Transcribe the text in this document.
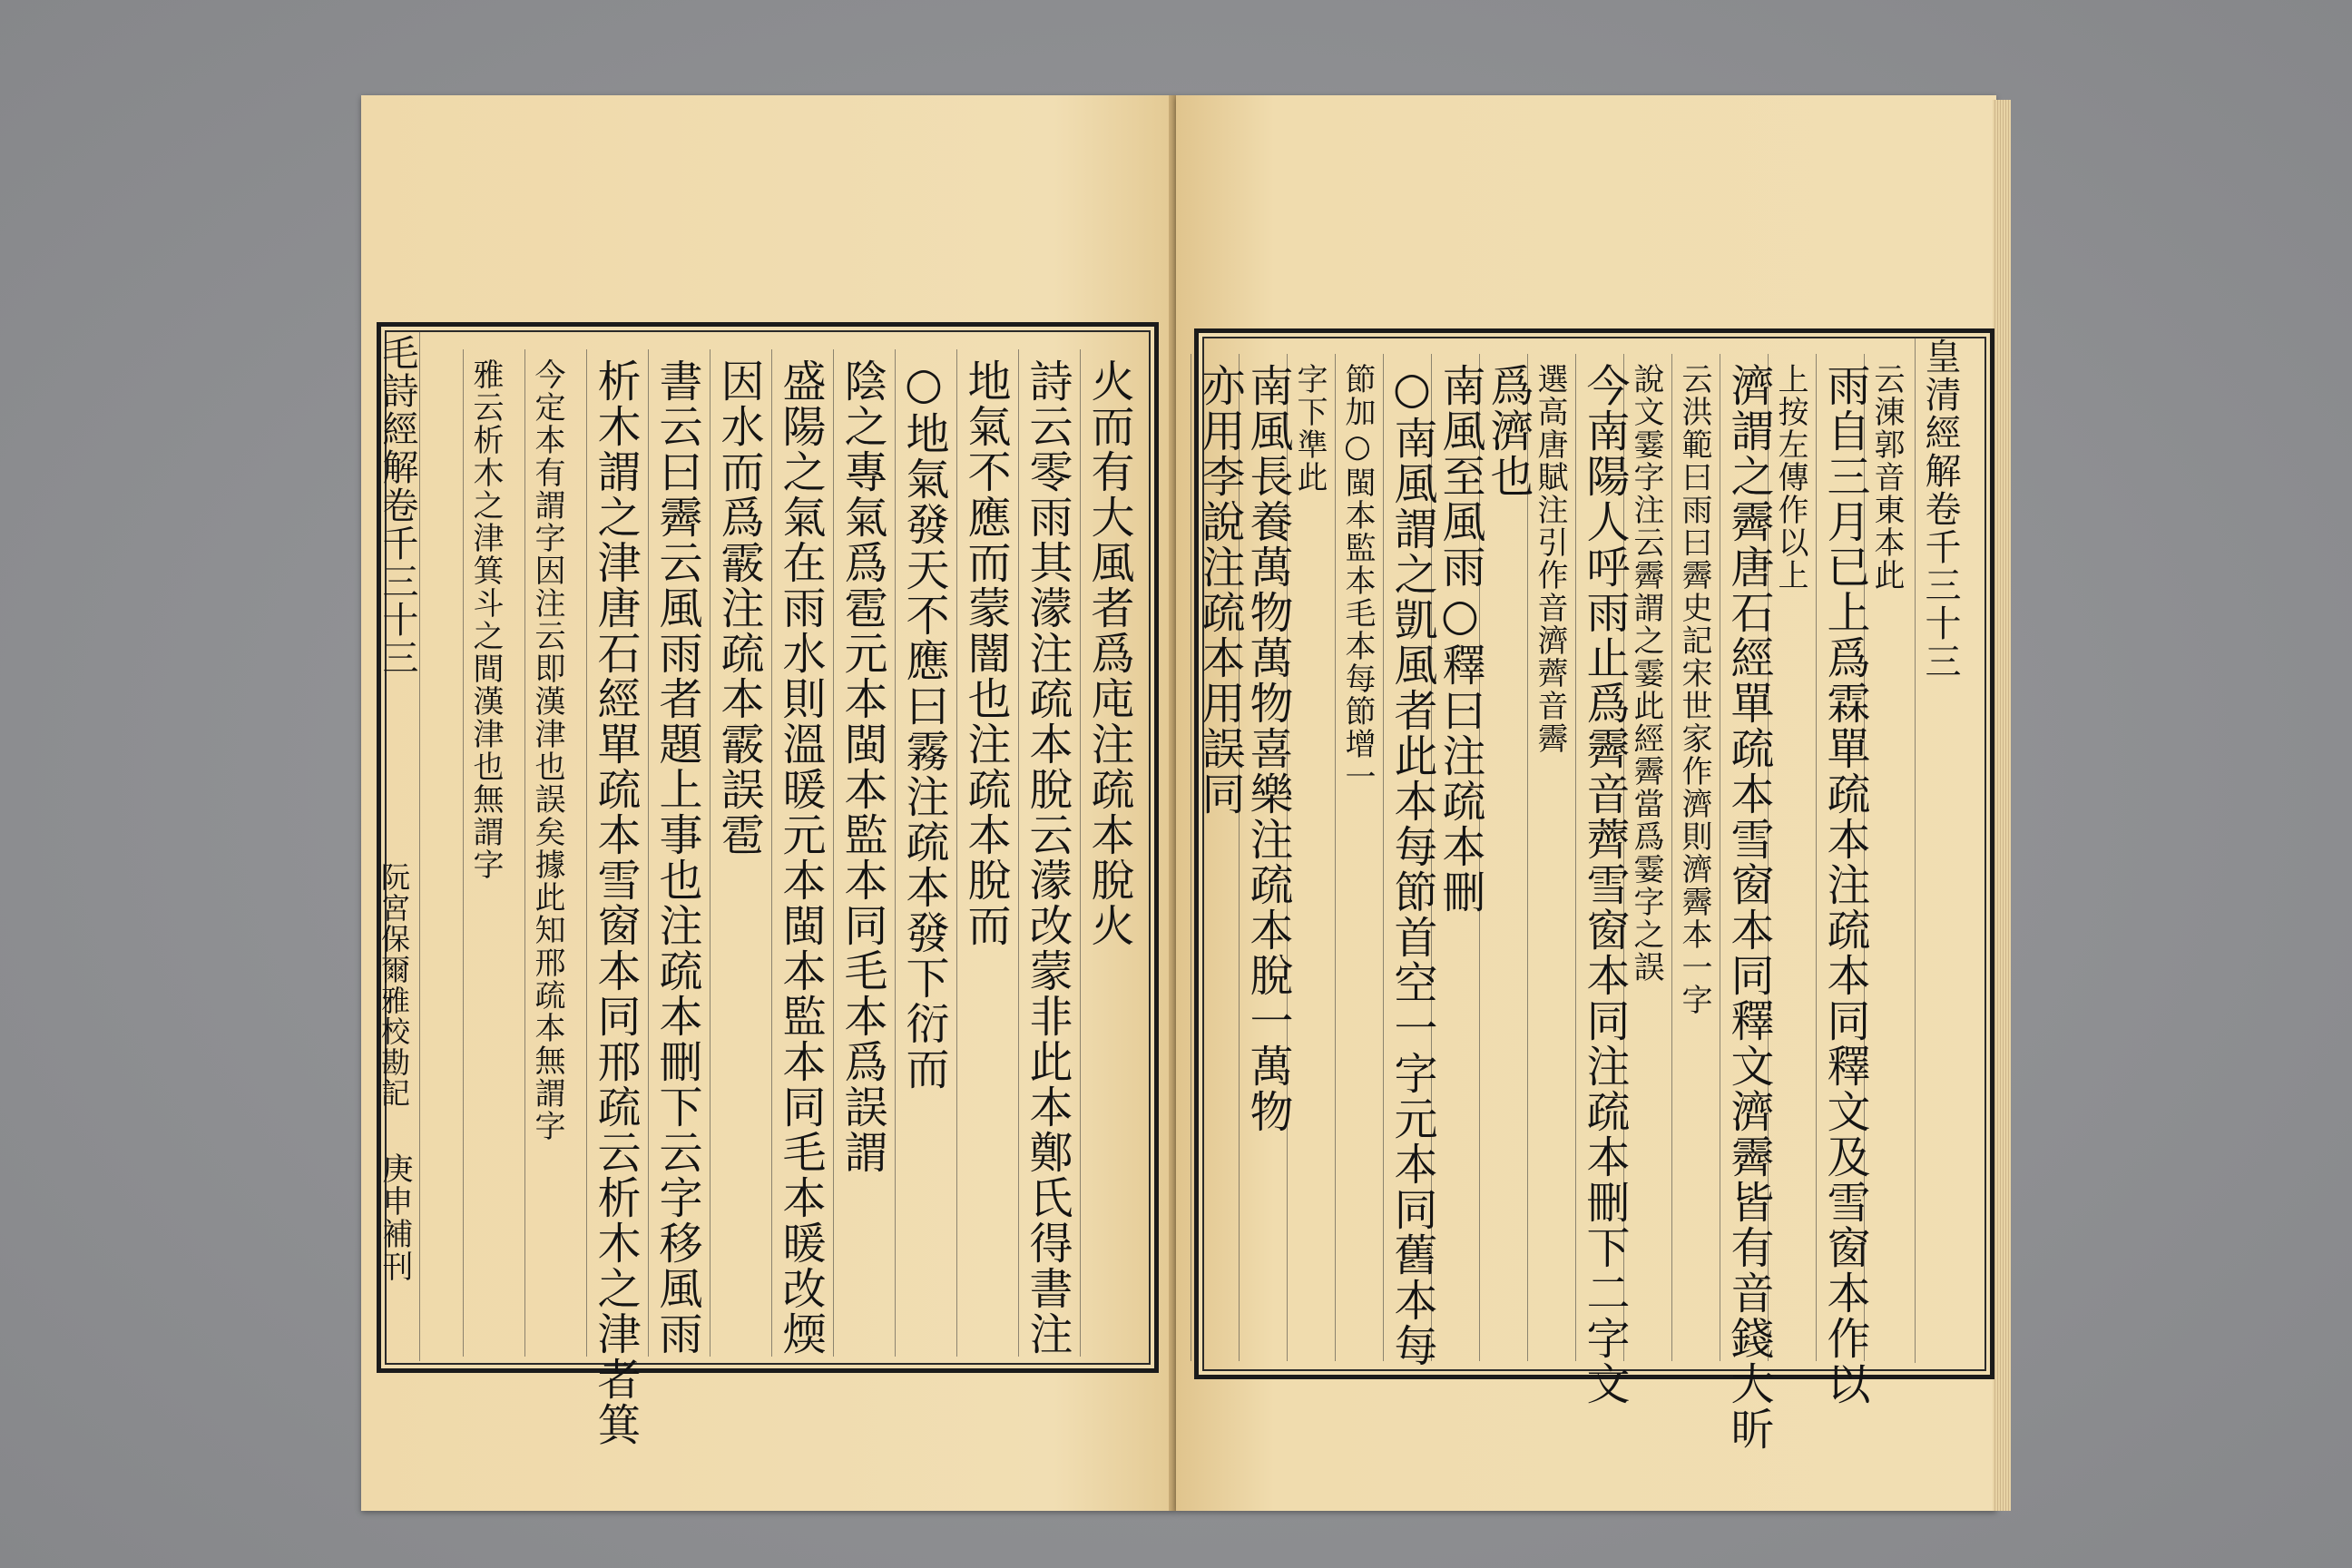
毛詩經解卷千三十三
阮宮保爾雅校勘記
庚申補刊
火而有大風者爲庉注疏本脫火
詩云零雨其濛注疏本脫云濛改蒙非此本鄭氏得書注
地氣不應而蒙闇也注疏本脫而
○地氣發天不應曰霧注疏本發下衍而
陰之專氣爲雹元本閩本監本同毛本爲誤謂
盛陽之氣在雨水則溫暖元本閩本監本同毛本暖改煗
因水而爲霰注疏本霰誤雹
書云曰霽云風雨者題上事也注疏本刪下云字移風雨
析木謂之津唐石經單疏本雪窗本同邢疏云析木之津者箕
今定本有謂字因注云即漢津也誤矣據此知邢疏本無謂字
雅云析木之津箕斗之間漢津也無謂字	皇清經解卷千三十三
云涷郭音東本此
雨自三月已上爲霖單疏本注疏本同釋文及雪窗本作以
上按左傳作以上
濟謂之霽唐石經單疏本雪窗本同釋文濟霽皆有音錢大昕
云洪範曰雨曰霽史記宋世家作濟則濟霽本一字
說文霎字注云霽謂之霎此經霽當爲霎字之誤
今南陽人呼雨止爲霽音薺雪窗本同注疏本刪下二字文
選高唐賦注引作音濟薺音霽
爲濟也
南風至風雨○釋曰注疏本刪
○南風謂之凱風者此本每節首空一字元本同舊本每
節加○閩本監本毛本每節增一
字下準此
南風長養萬物萬物喜樂注疏本脫一萬物
亦用李說注疏本用誤同
